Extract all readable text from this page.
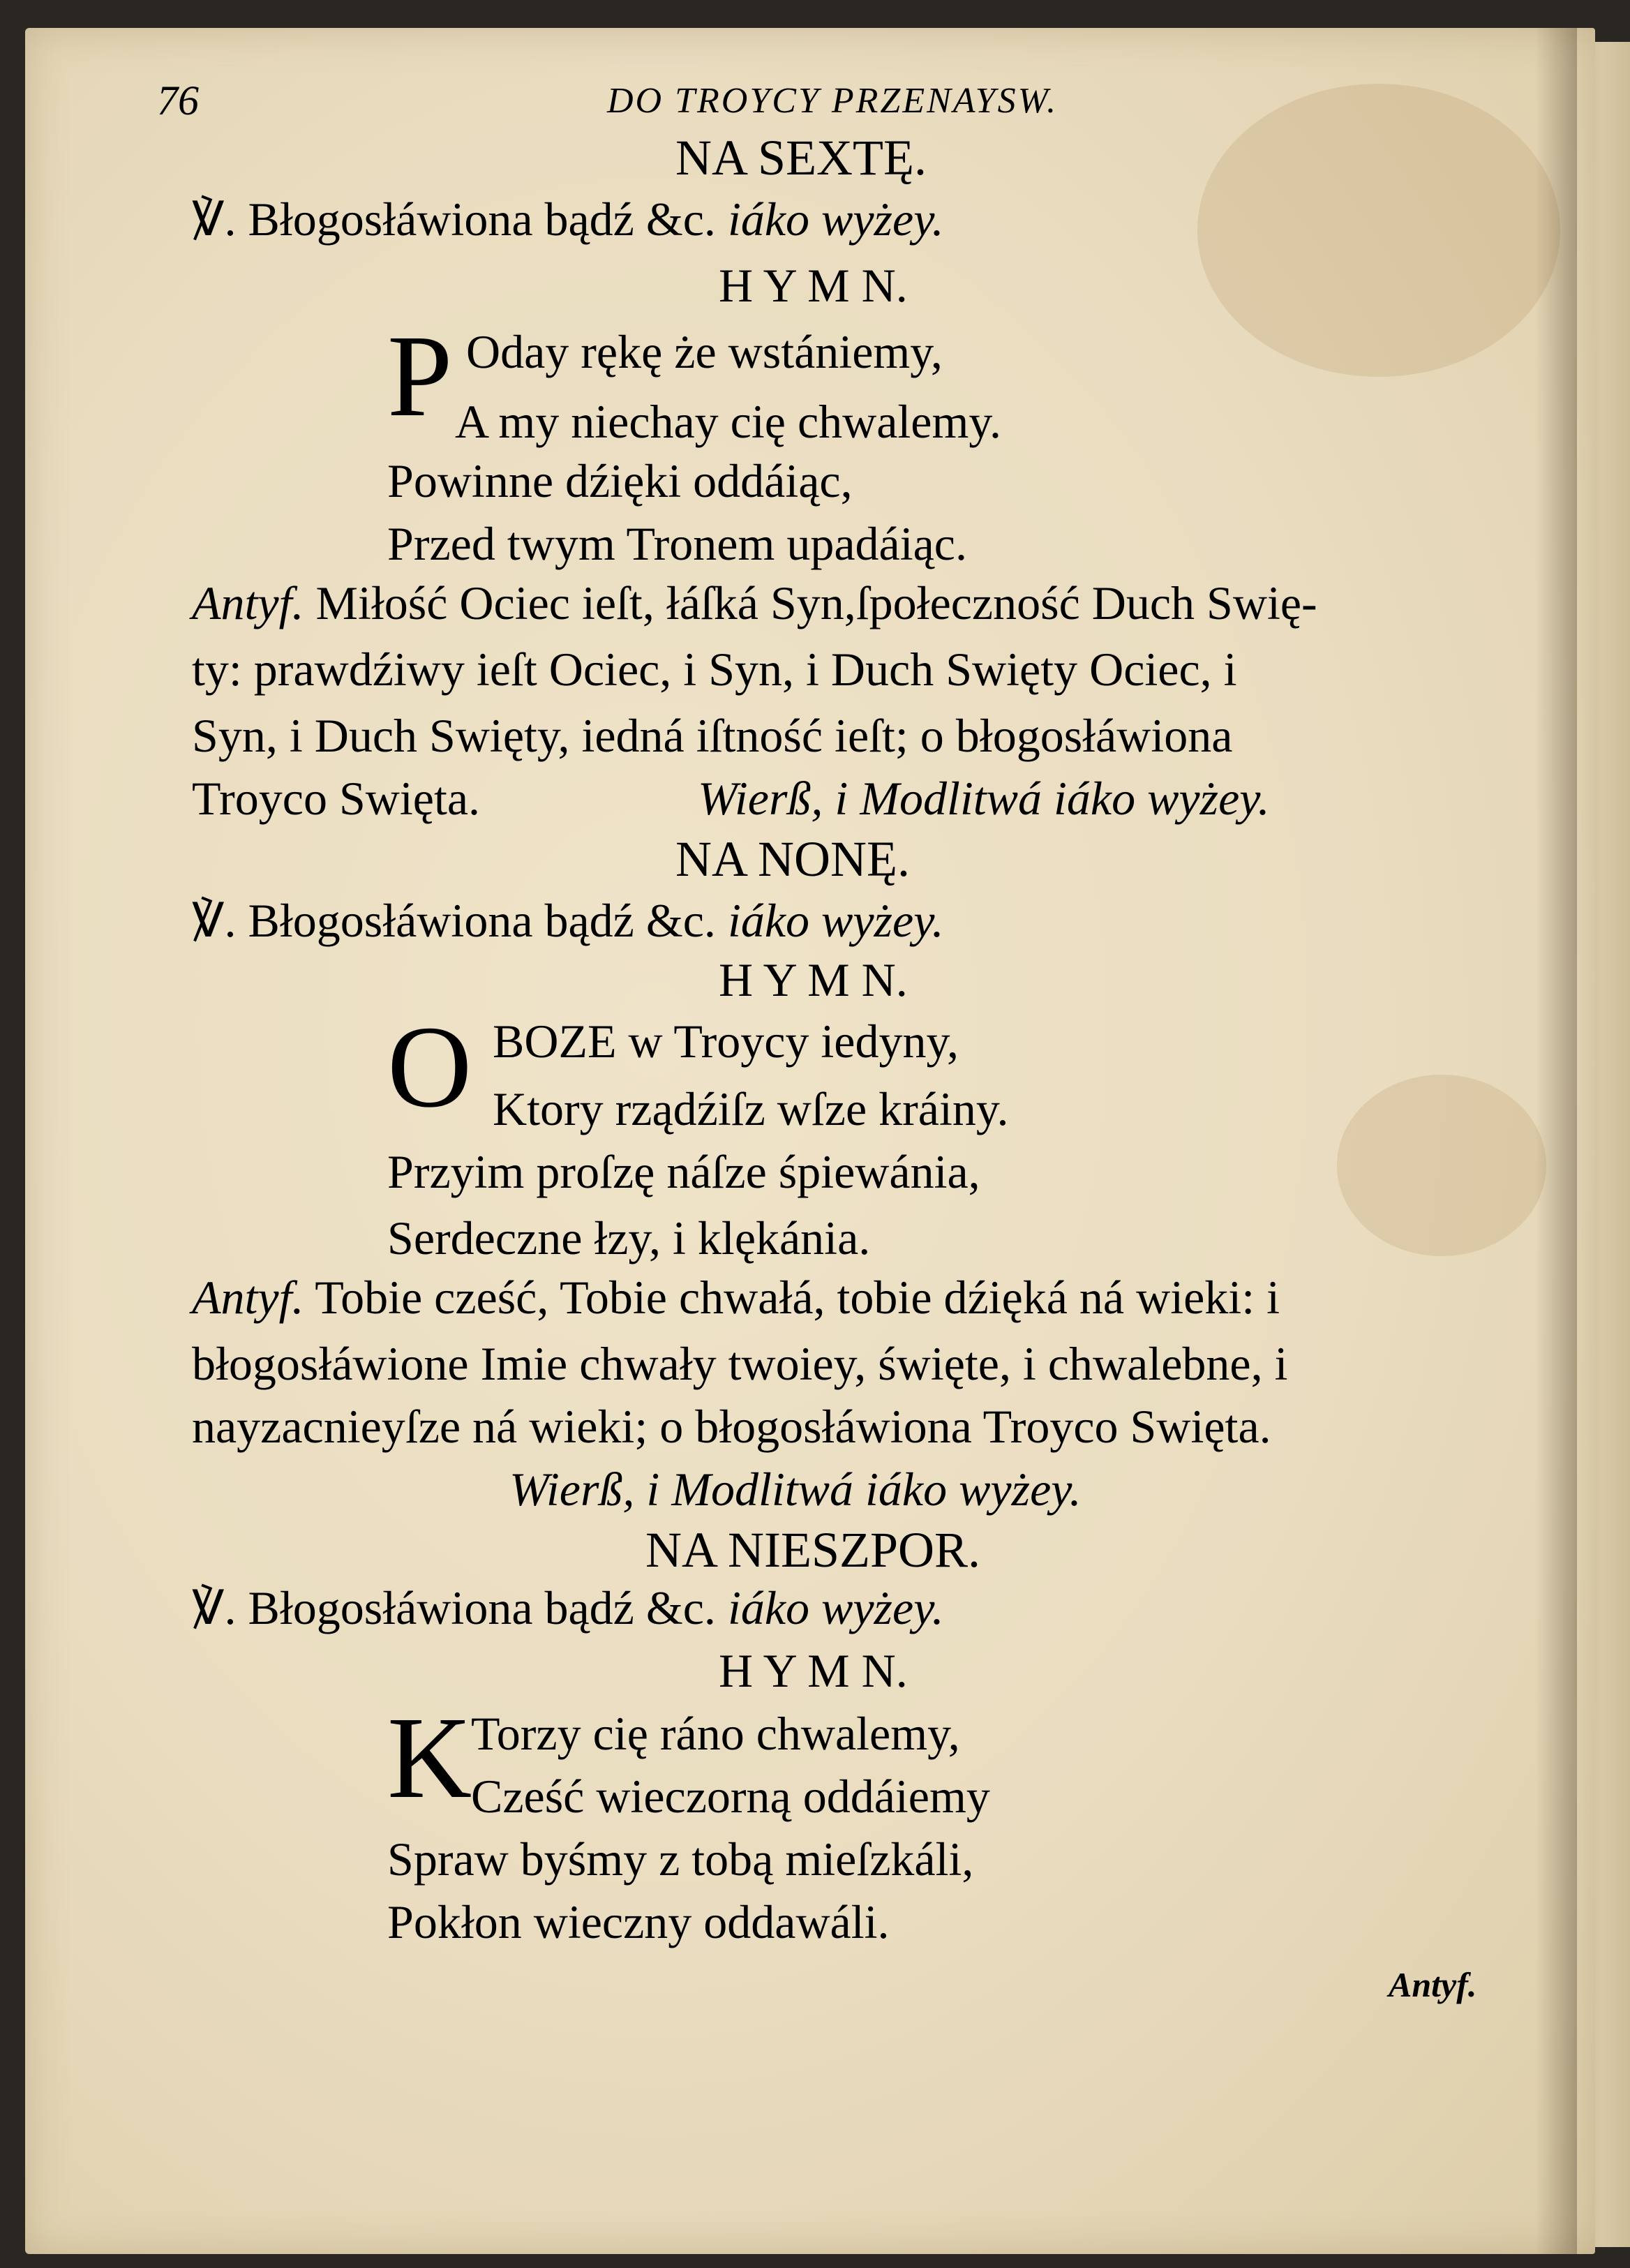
76	DO TROYCY PRZENAYSW.
NA SEXTĘ.
℣. Błogosłáwiona bądź &c. iáko wyżey.
H Y M N.
P Oday rękę że wstániemy,
A my niechay cię chwalemy.
Powinne dźięki oddáiąc,
Przed twym Tronem upadáiąc.
Antyf. Miłość Ociec ieſt, łáſká Syn,ſpołeczność Duch Swię-
ty: prawdźiwy ieſt Ociec, i Syn, i Duch Swięty Ociec, i
Syn, i Duch Swięty, iedná iſtność ieſt; o błogosłáwiona
Troyco Swięta.	Wierß, i Modlitwá iáko wyżey.
NA NONĘ.
℣. Błogosłáwiona bądź &c. iáko wyżey.
H Y M N.
O BOZE w Troycy iedyny,
Ktory rządźiſz wſze kráiny.
Przyim proſzę náſze śpiewánia,
Serdeczne łzy, i klękánia.
Antyf. Tobie cześć, Tobie chwałá, tobie dźięká ná wieki: i
błogosłáwione Imie chwały twoiey, święte, i chwalebne, i
nayzacnieyſze ná wieki; o błogosłáwiona Troyco Swięta.
Wierß, i Modlitwá iáko wyżey.
NA NIESZPOR.
℣. Błogosłáwiona bądź &c. iáko wyżey.
H Y M N.
K
Torzy cię ráno chwalemy,
Cześć wieczorną oddáiemy
Spraw byśmy z tobą mieſzkáli,
Pokłon wieczny oddawáli.
Antyf.
